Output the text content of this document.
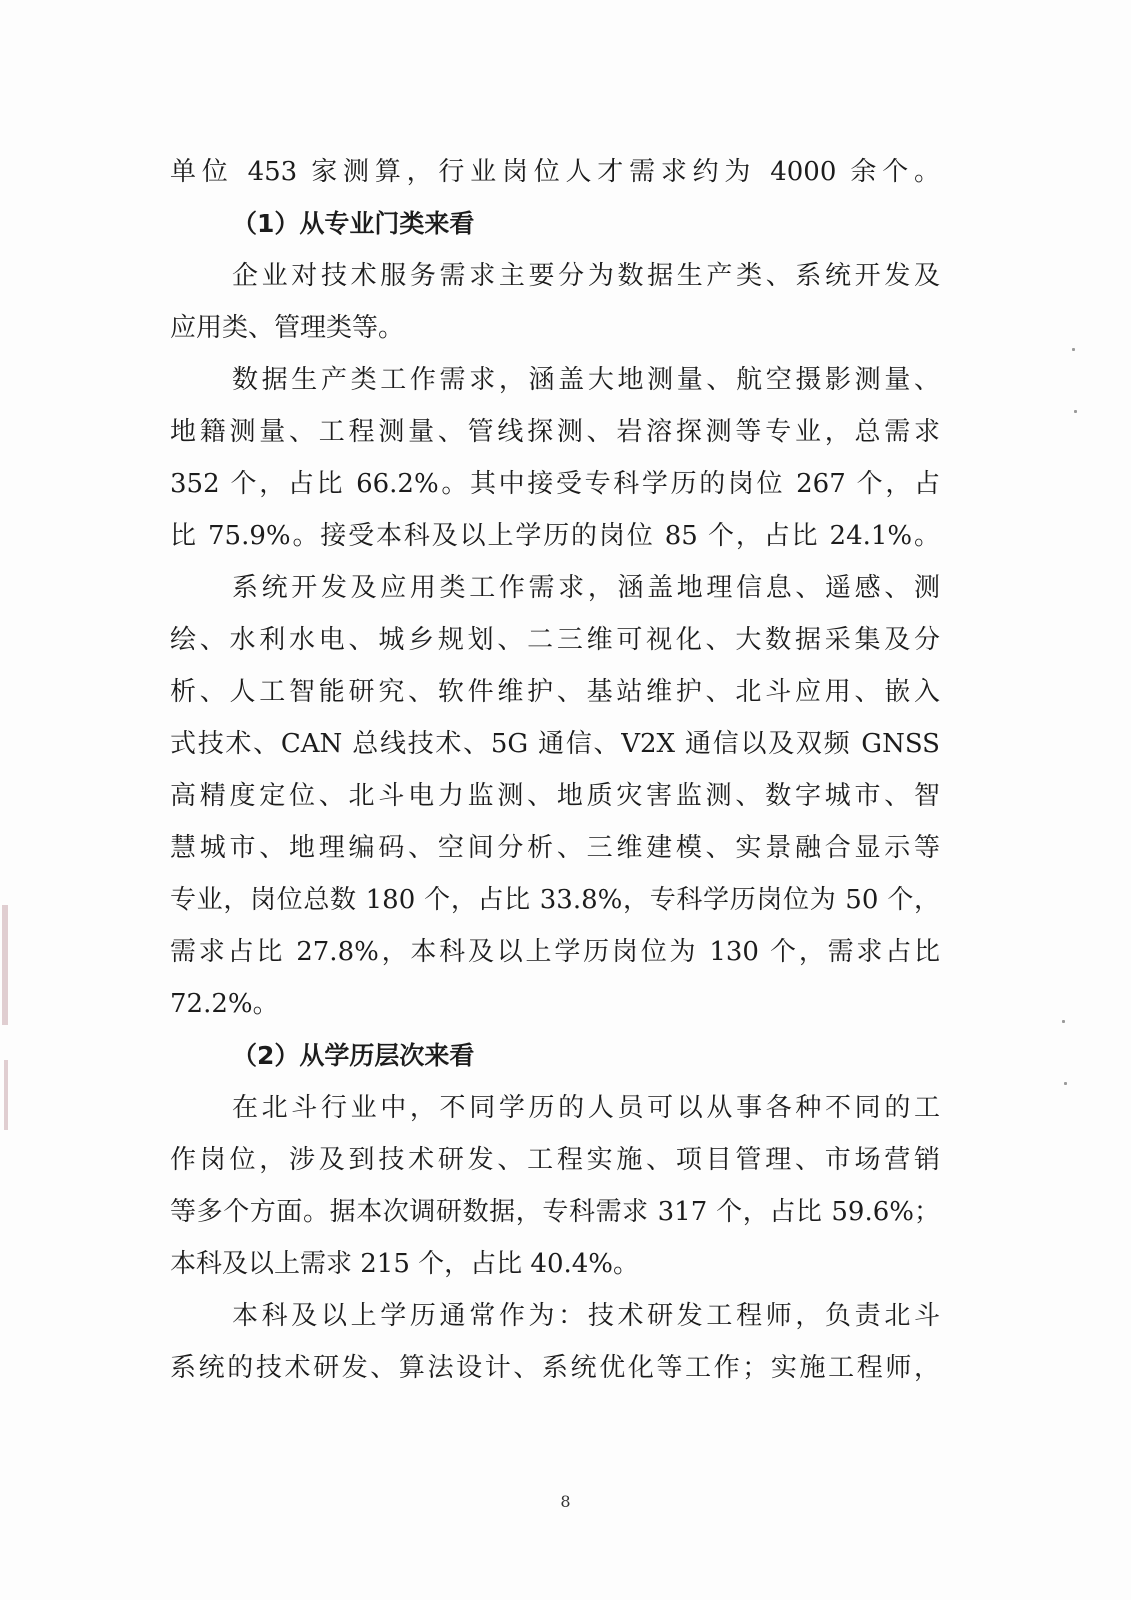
单位 453 家测算，行业岗位人才需求约为 4000 余个。
（1）从专业门类来看
企业对技术服务需求主要分为数据生产类、系统开发及
应用类、管理类等。
数据生产类工作需求，涵盖大地测量、航空摄影测量、
地籍测量、工程测量、管线探测、岩溶探测等专业，总需求
352 个，占比 66.2%。其中接受专科学历的岗位 267 个，占
比 75.9%。接受本科及以上学历的岗位 85 个，占比 24.1%。
系统开发及应用类工作需求，涵盖地理信息、遥感、测
绘、水利水电、城乡规划、二三维可视化、大数据采集及分
析、人工智能研究、软件维护、基站维护、北斗应用、嵌入
式技术、CAN 总线技术、5G 通信、V2X 通信以及双频 GNSS
高精度定位、北斗电力监测、地质灾害监测、数字城市、智
慧城市、地理编码、空间分析、三维建模、实景融合显示等
专业，岗位总数 180 个，占比 33.8%，专科学历岗位为 50 个，
需求占比 27.8%，本科及以上学历岗位为 130 个，需求占比
72.2%。
（2）从学历层次来看
在北斗行业中，不同学历的人员可以从事各种不同的工
作岗位，涉及到技术研发、工程实施、项目管理、市场营销
等多个方面。据本次调研数据，专科需求 317 个，占比 59.6%；
本科及以上需求 215 个，占比 40.4%。
本科及以上学历通常作为：技术研发工程师，负责北斗
系统的技术研发、算法设计、系统优化等工作；实施工程师，
8
